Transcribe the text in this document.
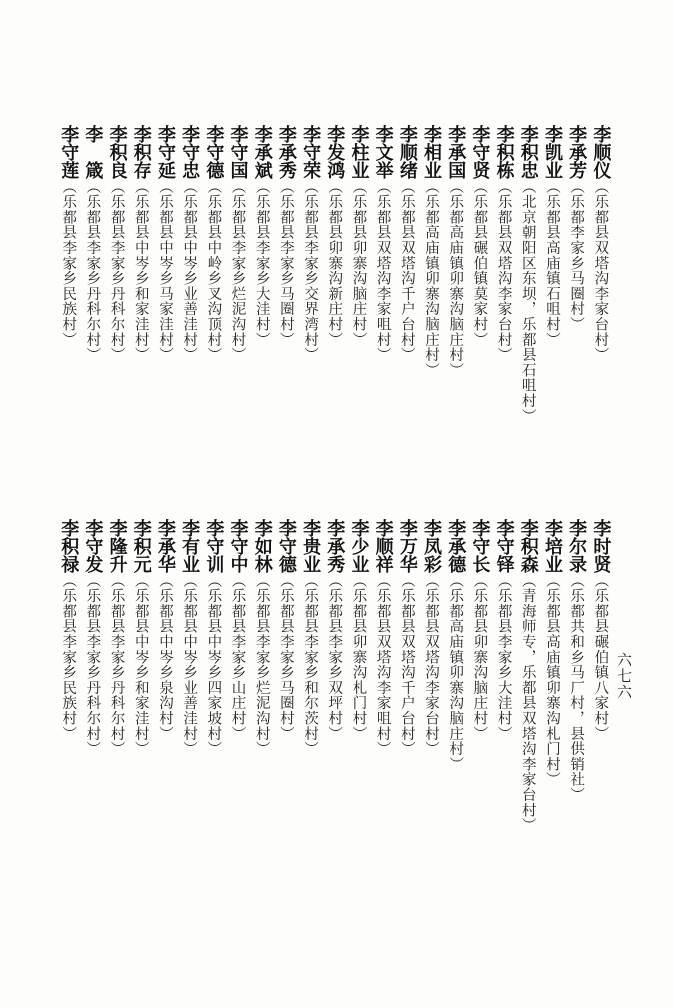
六七六
李顺仪（乐都县双塔沟李家台村）
李承芳（乐都李家乡马圈村）
李凯业（乐都县高庙镇石咀村）
李积忠（北京朝阳区东坝，乐都县石咀村）
李积栋（乐都县双塔沟李家台村）
李守贤（乐都县碾伯镇莫家村）
李承国（乐都高庙镇卯寨沟脑庄村）
李相业（乐都高庙镇卯寨沟脑庄村）
李顺绪（乐都县双塔沟千户台村）
李文举（乐都县双塔沟李家咀村）
李柱业（乐都县卯寨沟脑庄村）
李发鸿（乐都县卯寨沟新庄村）
李守荣（乐都县李家乡交界湾村）
李承秀（乐都县李家乡马圈村）
李承斌（乐都县李家乡大洼村）
李守国（乐都县李家乡烂泥沟村）
李守德（乐都县中岭乡叉沟顶村）
李守忠（乐都县中岑乡业善洼村）
李守延（乐都县中岑乡马家洼村）
李积存（乐都县中岑乡和家洼村）
李积良（乐都县李家乡丹科尔村）
李　箴（乐都县李家乡丹科尔村）
李守莲（乐都县李家乡民族村）
李时贤（乐都县碾伯镇八家村）
李尔录（乐都共和乡马厂村，县供销社）
李培业（乐都县高庙镇卯寨沟札门村）
李积森（青海师专，乐都县双塔沟李家台村）
李守铎（乐都县李家乡大洼村）
李守长（乐都县卯寨沟脑庄村）
李承德（乐都高庙镇卯寨沟脑庄村）
李凤彩（乐都县双塔沟李家台村）
李万华（乐都县双塔沟千户台村）
李顺祥（乐都县双塔沟李家咀村）
李少业（乐都县卯寨沟札门村）
李承秀（乐都县李家乡双坪村）
李贵业（乐都县李家乡和尔茨村）
李守德（乐都县李家乡马圈村）
李如林（乐都县李家乡烂泥沟村）
李守中（乐都县李家乡山庄村）
李守训（乐都县中岑乡四家坡村）
李有业（乐都县中岑乡业善洼村）
李承华（乐都县中岑乡泉沟村）
李积元（乐都县中岑乡和家洼村）
李隆升（乐都县李家乡丹科尔村）
李守发（乐都县李家乡丹科尔村）
李积禄（乐都县李家乡民族村）
